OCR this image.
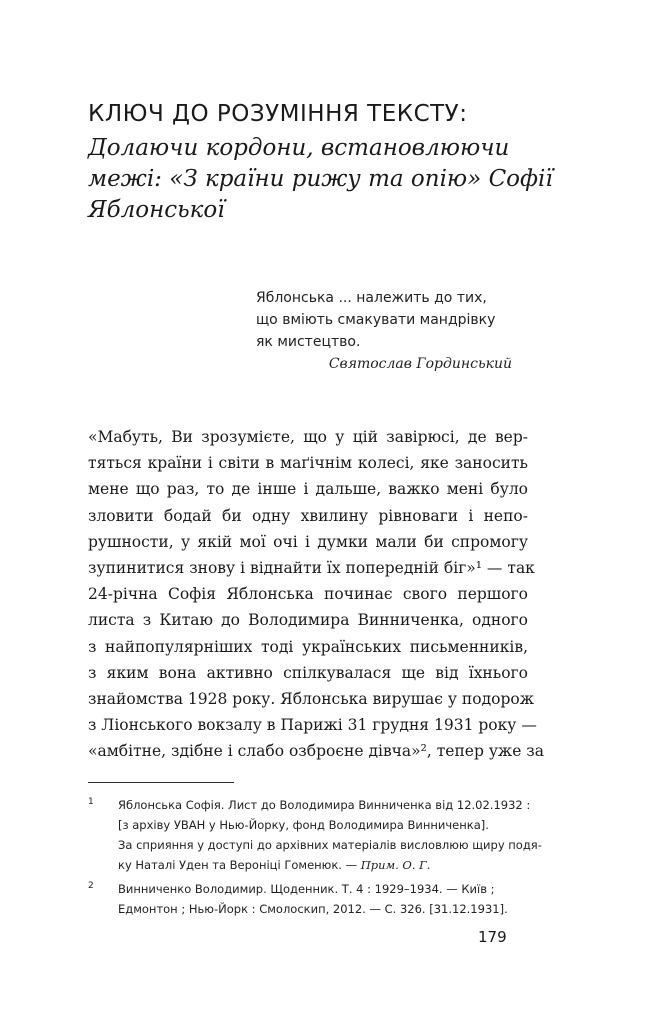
КЛЮЧ ДО РОЗУМІННЯ ТЕКСТУ:
Долаючи кордони, встановлюючи
межі: «З країни рижу та опію» Софії
Яблонської
Яблонська ... належить до тих,
що вміють смакувати мандрівку
як мистецтво.
Святослав Гординський
«Мабуть, Ви зрозумієте, що у цій завірюсі, де вер-
тяться країни і світи в маґічнім колесі, яке заносить
мене що раз, то де інше і дальше, важко мені було
зловити бодай би одну хвилину рівноваги і непо-
рушности, у якій мої очі і думки мали би спромогу
зупинитися знову і віднайти їх попередній біг»¹ — так
24-річна Софія Яблонська починає свого першого
листа з Китаю до Володимира Винниченка, одного
з найпопулярніших тоді українських письменників,
з яким вона активно спілкувалася ще від їхнього
знайомства 1928 року. Яблонська вирушає у подорож
з Ліонського вокзалу в Парижі 31 грудня 1931 року —
«амбітне, здібне і слабо озброєне дівча»², тепер уже за
1 Яблонська Софія. Лист до Володимира Винниченка від 12.02.1932 :
[з архіву УВАН у Нью-Йорку, фонд Володимира Винниченка].
За сприяння у доступі до архівних матеріалів висловлюю щиру подя-
ку Наталі Уден та Вероніці Гоменюк. — Прим. О. Г.
2 Винниченко Володимир. Щоденник. Т. 4 : 1929–1934. — Київ ;
Едмонтон ; Нью-Йорк : Смолоскип, 2012. — С. 326. [31.12.1931].
179
